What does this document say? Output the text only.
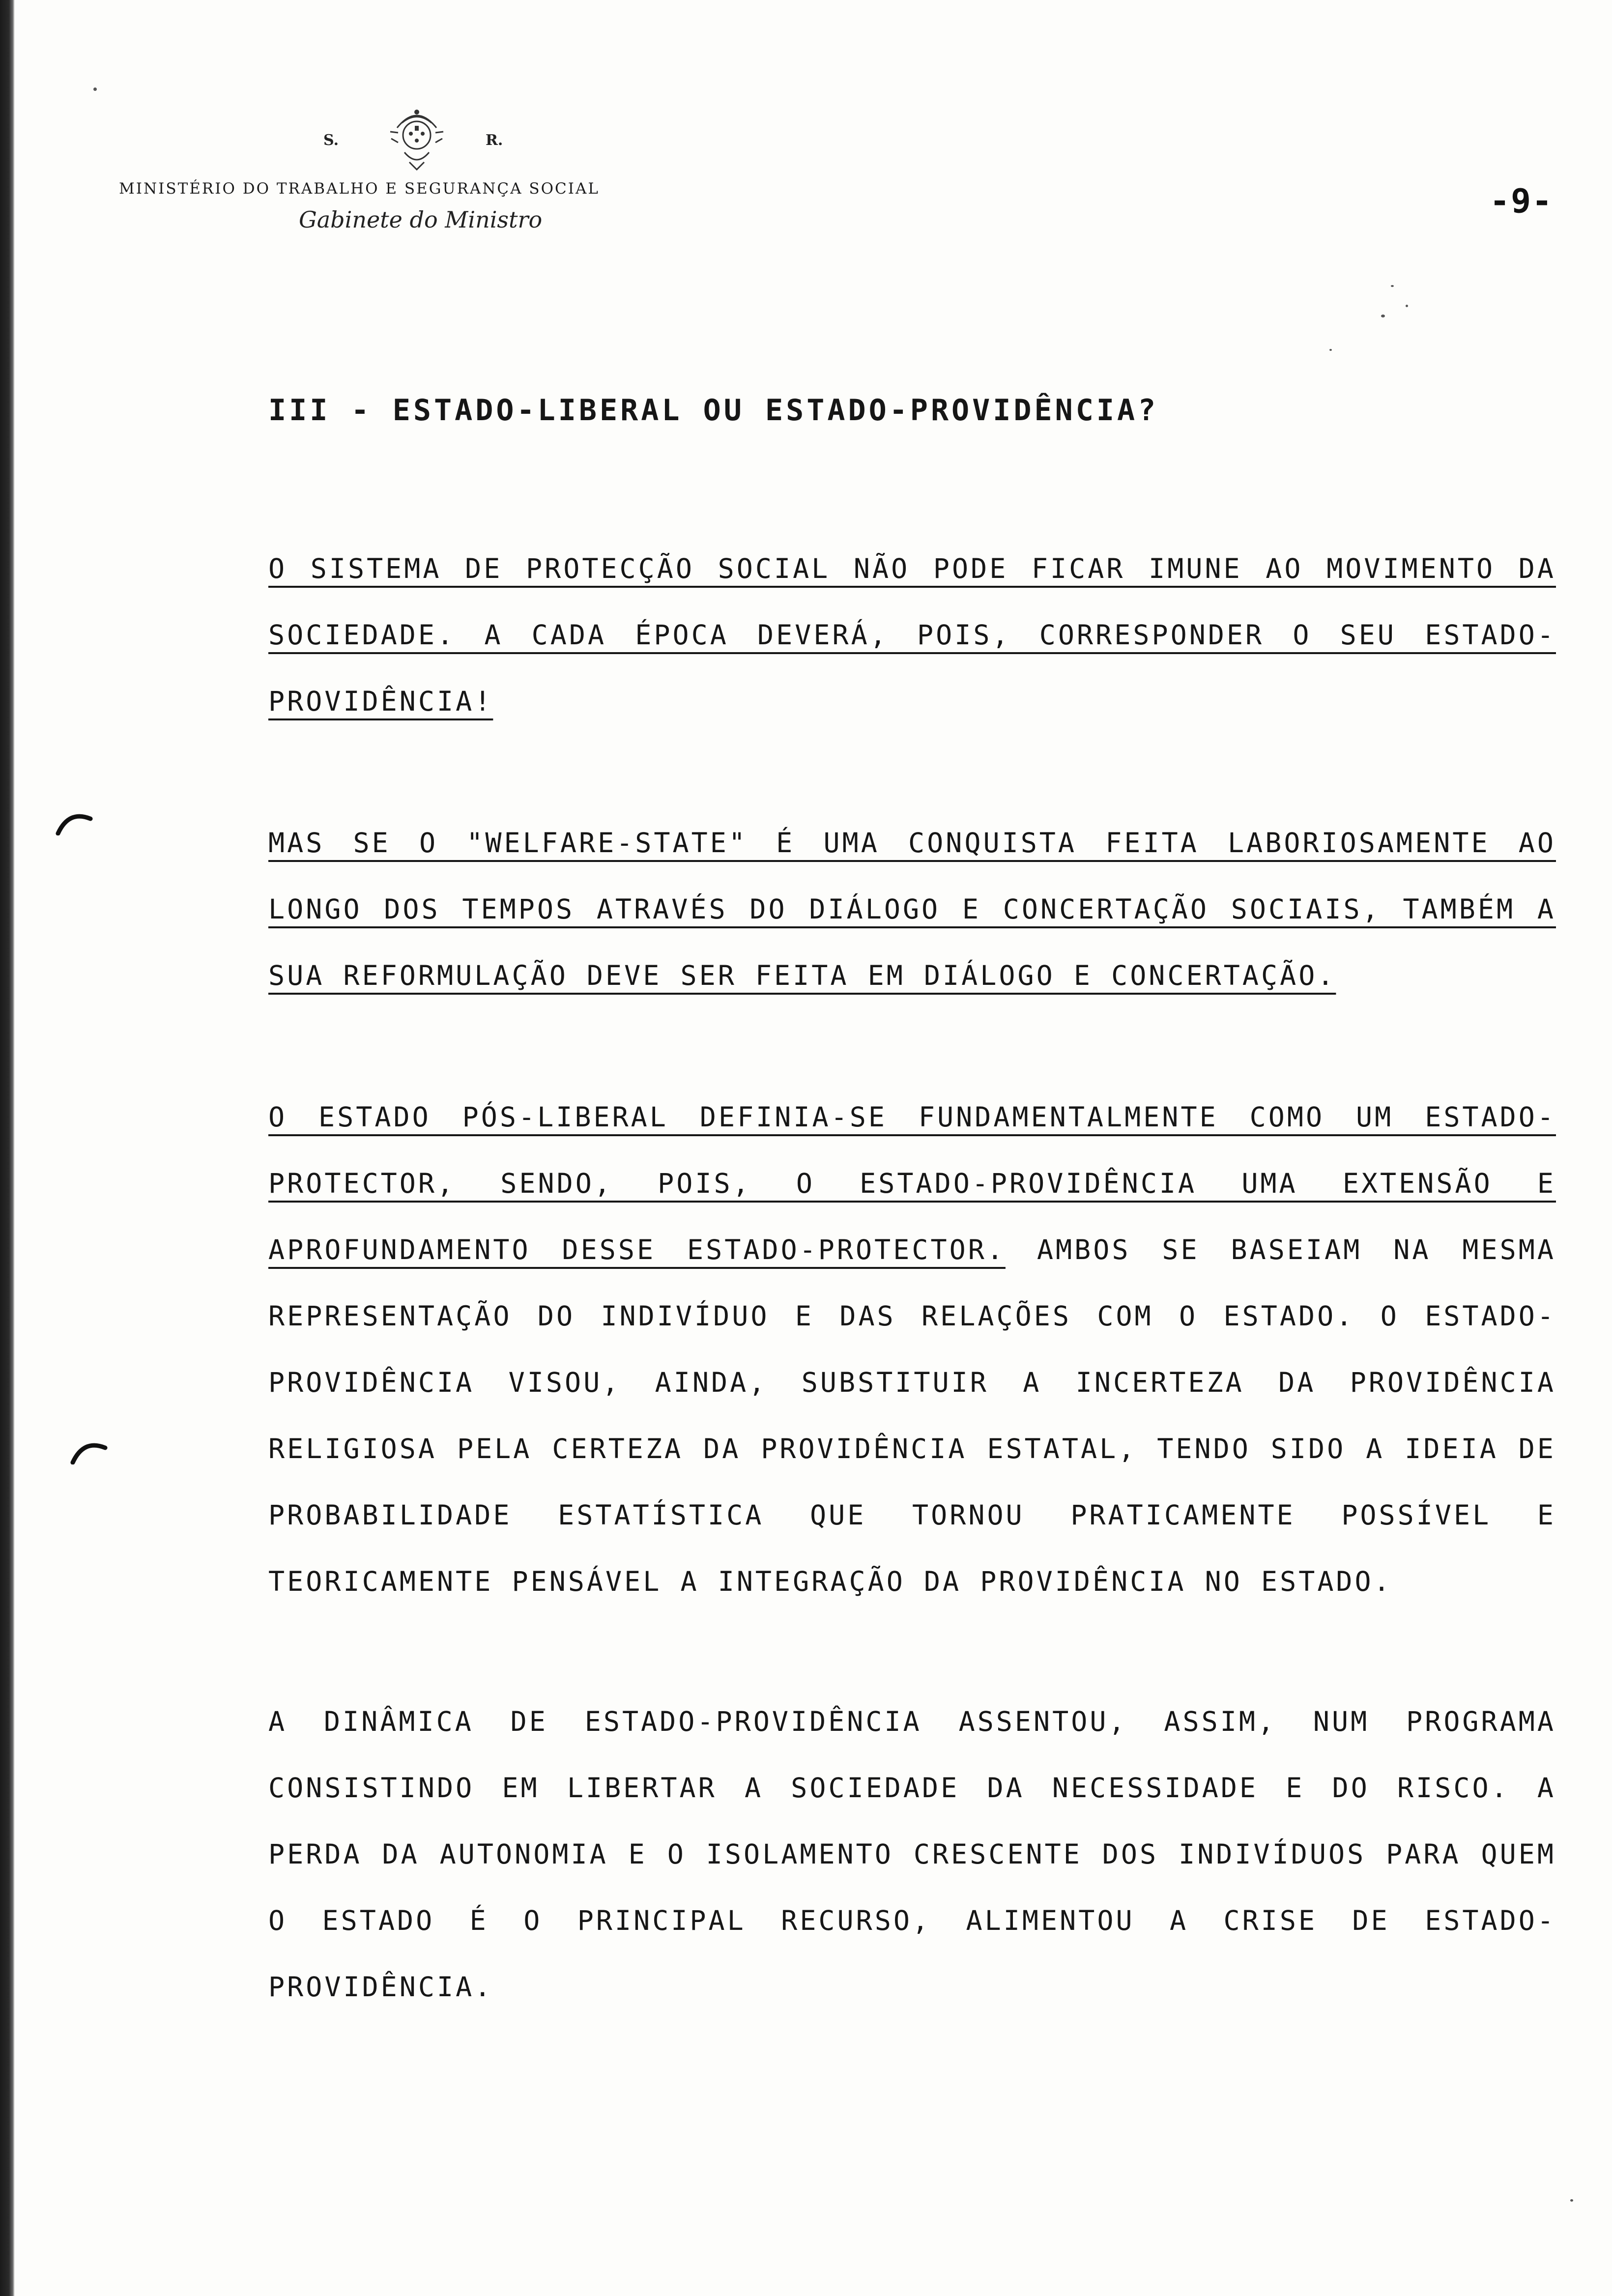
S.	R.
MINISTÉRIO DO TRABALHO E SEGURANÇA SOCIAL
Gabinete do Ministro	-9-
III - ESTADO-LIBERAL OU ESTADO-PROVIDÊNCIA?

O SISTEMA DE PROTECÇÃO SOCIAL NÃO PODE FICAR IMUNE AO MOVIMENTO DA SOCIEDADE. A CADA ÉPOCA DEVERÁ, POIS, CORRESPONDER O SEU ESTADO-PROVIDÊNCIA!

MAS SE O "WELFARE-STATE" É UMA CONQUISTA FEITA LABORIOSAMENTE AO LONGO DOS TEMPOS ATRAVÉS DO DIÁLOGO E CONCERTAÇÃO SOCIAIS, TAMBÉM A SUA REFORMULAÇÃO DEVE SER FEITA EM DIÁLOGO E CONCERTAÇÃO.

O ESTADO PÓS-LIBERAL DEFINIA-SE FUNDAMENTALMENTE COMO UM ESTADO-PROTECTOR, SENDO, POIS, O ESTADO-PROVIDÊNCIA UMA EXTENSÃO E APROFUNDAMENTO DESSE ESTADO-PROTECTOR. AMBOS SE BASEIAM NA MESMA REPRESENTAÇÃO DO INDIVÍDUO E DAS RELAÇÕES COM O ESTADO. O ESTADO-PROVIDÊNCIA VISOU, AINDA, SUBSTITUIR A INCERTEZA DA PROVIDÊNCIA RELIGIOSA PELA CERTEZA DA PROVIDÊNCIA ESTATAL, TENDO SIDO A IDEIA DE PROBABILIDADE ESTATÍSTICA QUE TORNOU PRATICAMENTE POSSÍVEL E TEORICAMENTE PENSÁVEL A INTEGRAÇÃO DA PROVIDÊNCIA NO ESTADO.

A DINÂMICA DE ESTADO-PROVIDÊNCIA ASSENTOU, ASSIM, NUM PROGRAMA CONSISTINDO EM LIBERTAR A SOCIEDADE DA NECESSIDADE E DO RISCO. A PERDA DA AUTONOMIA E O ISOLAMENTO CRESCENTE DOS INDIVÍDUOS PARA QUEM O ESTADO É O PRINCIPAL RECURSO, ALIMENTOU A CRISE DE ESTADO-PROVIDÊNCIA.
